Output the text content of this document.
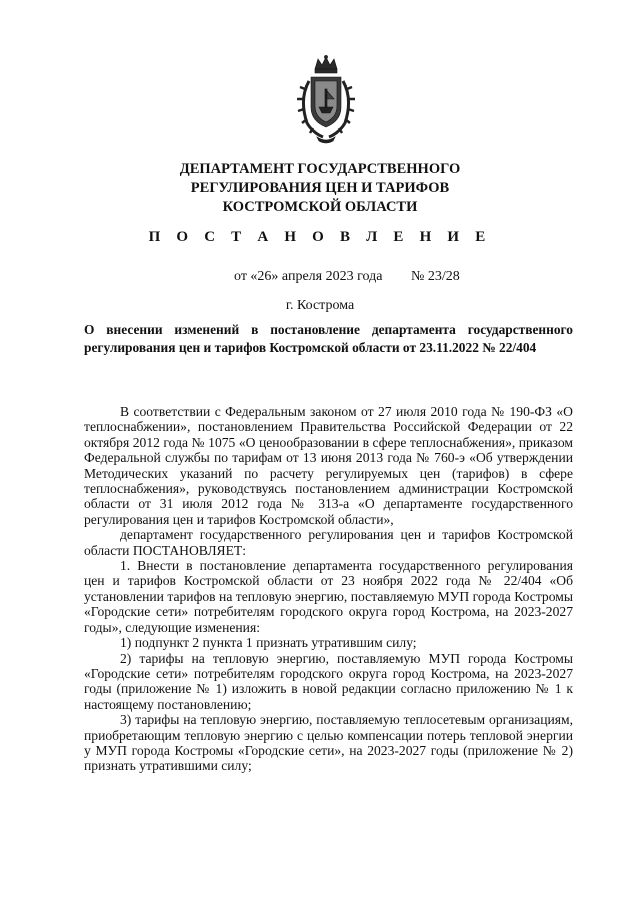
ДЕПАРТАМЕНТ ГОСУДАРСТВЕННОГО
РЕГУЛИРОВАНИЯ ЦЕН И ТАРИФОВ
КОСТРОМСКОЙ ОБЛАСТИ
П О С Т А Н О В Л Е Н И Е
от «26» апреля 2023 года № 23/28
г. Кострома
О внесении изменений в постановление департамента государственного регулирования цен и тарифов Костромской области от 23.11.2022 № 22/404

В соответствии с Федеральным законом от 27 июля 2010 года № 190-ФЗ «О теплоснабжении», постановлением Правительства Российской Федерации от 22 октября 2012 года № 1075 «О ценообразовании в сфере теплоснабжения», приказом Федеральной службы по тарифам от 13 июня 2013 года № 760-э «Об утверждении Методических указаний по расчету регулируемых цен (тарифов) в сфере теплоснабжения», руководствуясь постановлением администрации Костромской области от 31 июля 2012 года № 313-а «О департаменте государственного регулирования цен и тарифов Костромской области»,

департамент государственного регулирования цен и тарифов Костромской области ПОСТАНОВЛЯЕТ:

1. Внести в постановление департамента государственного регулирования цен и тарифов Костромской области от 23 ноября 2022 года № 22/404 «Об установлении тарифов на тепловую энергию, поставляемую МУП города Костромы «Городские сети» потребителям городского округа город Кострома, на 2023-2027 годы», следующие изменения:

1) подпункт 2 пункта 1 признать утратившим силу;

2) тарифы на тепловую энергию, поставляемую МУП города Костромы «Городские сети» потребителям городского округа город Кострома, на 2023-2027 годы (приложение № 1) изложить в новой редакции согласно приложению № 1 к настоящему постановлению;

3) тарифы на тепловую энергию, поставляемую теплосетевым организациям, приобретающим тепловую энергию с целью компенсации потерь тепловой энергии у МУП города Костромы «Городские сети», на 2023-2027 годы (приложение № 2) признать утратившими силу;
